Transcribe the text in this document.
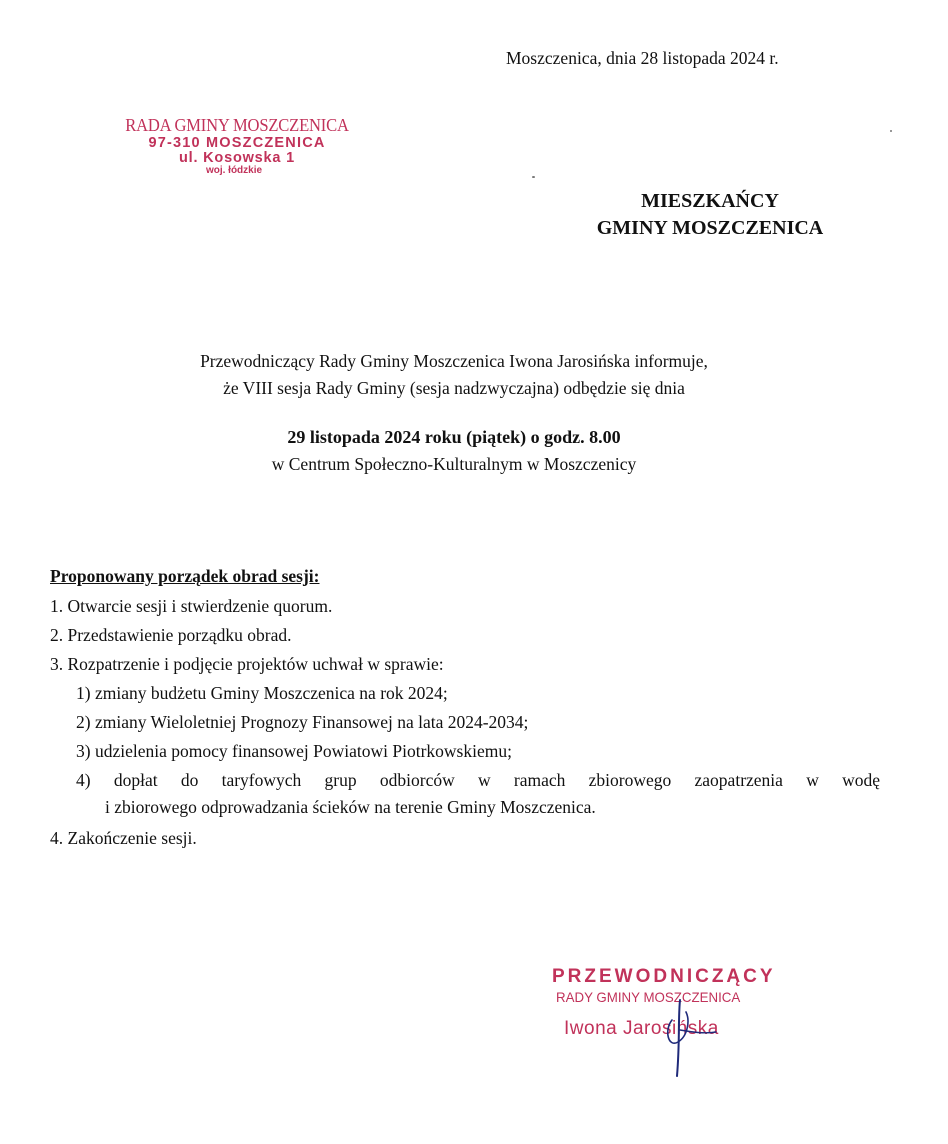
Moszczenica, dnia 28 listopada 2024 r.
RADA GMINY MOSZCZENICA
97-310 MOSZCZENICA
ul. Kosowska 1
woj. łódzkie
MIESZKAŃCY
GMINY MOSZCZENICA
Przewodniczący Rady Gminy Moszczenica Iwona Jarosińska informuje,
że VIII sesja Rady Gminy (sesja nadzwyczajna) odbędzie się dnia
29 listopada 2024 roku (piątek) o godz. 8.00
w Centrum Społeczno-Kulturalnym w Moszczenicy
Proponowany porządek obrad sesji:
1. Otwarcie sesji i stwierdzenie quorum.
2. Przedstawienie porządku obrad.
3. Rozpatrzenie i podjęcie projektów uchwał w sprawie:
1) zmiany budżetu Gminy Moszczenica na rok 2024;
2) zmiany Wieloletniej Prognozy Finansowej na lata 2024-2034;
3) udzielenia pomocy finansowej Powiatowi Piotrkowskiemu;
4) dopłat do taryfowych grup odbiorców w ramach zbiorowego zaopatrzenia w wodę
i zbiorowego odprowadzania ścieków na terenie Gminy Moszczenica.
4. Zakończenie sesji.
PRZEWODNICZĄCY
RADY GMINY MOSZCZENICA
Iwona Jarosińska
